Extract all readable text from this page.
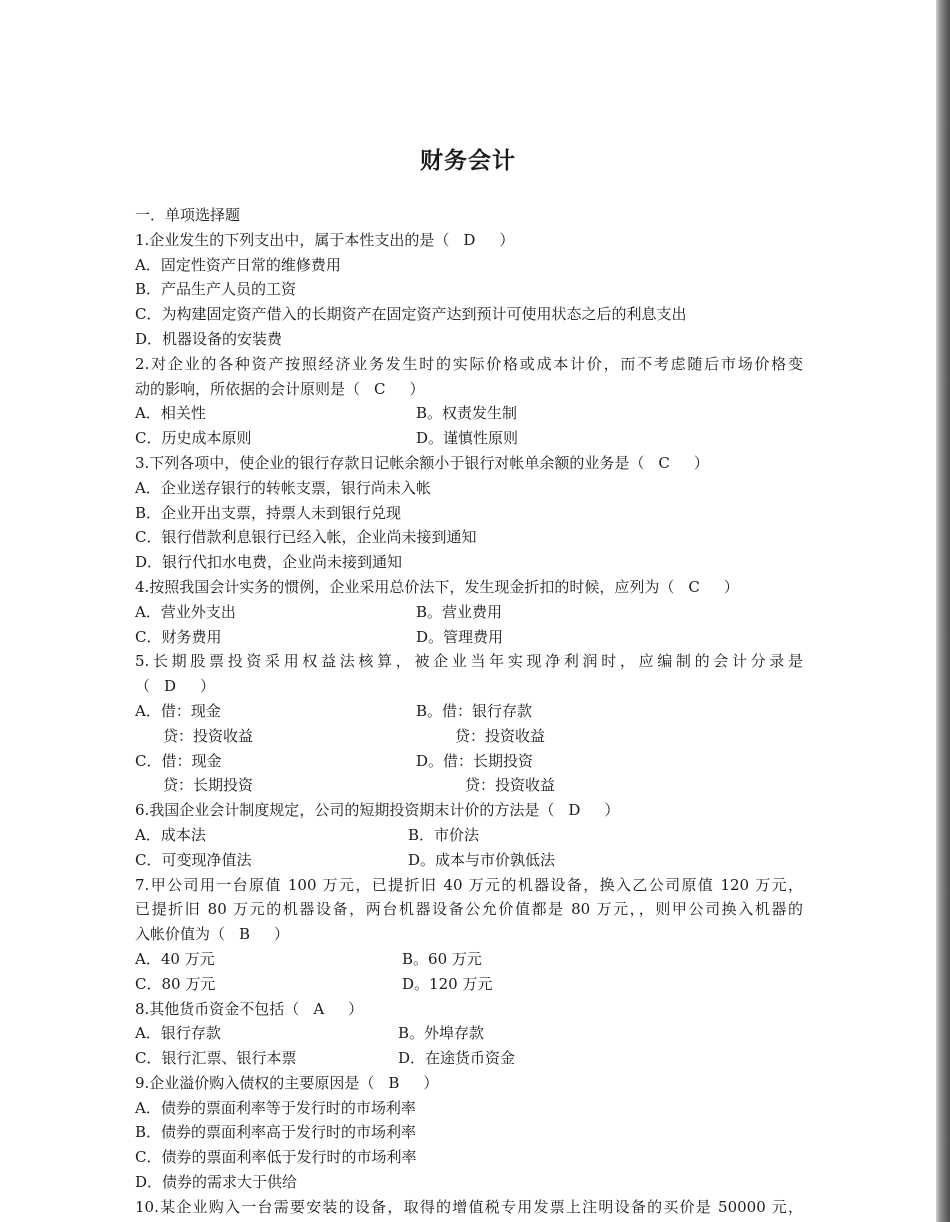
财务会计
一．单项选择题
1.企业发生的下列支出中，属于本性支出的是（ D ）
A．固定性资产日常的维修费用
B．产品生产人员的工资
C．为构建固定资产借入的长期资产在固定资产达到预计可使用状态之后的利息支出
D．机器设备的安装费
2.对企业的各种资产按照经济业务发生时的实际价格或成本计价，而不考虑随后市场价格变
动的影响，所依据的会计原则是（ C ）
A．相关性	B。权责发生制
C．历史成本原则	D。谨慎性原则
3.下列各项中，使企业的银行存款日记帐余额小于银行对帐单余额的业务是（ C ）
A．企业送存银行的转帐支票，银行尚未入帐
B．企业开出支票，持票人未到银行兑现
C．银行借款利息银行已经入帐，企业尚未接到通知
D．银行代扣水电费，企业尚未接到通知
4.按照我国会计实务的惯例，企业采用总价法下，发生现金折扣的时候，应列为（ C ）
A．营业外支出	B。营业费用
C．财务费用	D。管理费用
5.长期股票投资采用权益法核算，被企业当年实现净利润时，应编制的会计分录是
（ D ）
A．借：现金	B。借：银行存款
贷：投资收益	贷：投资收益
C．借：现金	D。借：长期投资
贷：长期投资	贷：投资收益
6.我国企业会计制度规定，公司的短期投资期末计价的方法是（ D ）
A．成本法	B．市价法
C．可变现净值法	D。成本与市价孰低法
7.甲公司用一台原值 100 万元，已提折旧 40 万元的机器设备，换入乙公司原值 120 万元，
已提折旧 80 万元的机器设备，两台机器设备公允价值都是 80 万元，，则甲公司换入机器的
入帐价值为（ B ）
A．40 万元	B。60 万元
C．80 万元	D。120 万元
8.其他货币资金不包括（ A ）
A．银行存款	B。外埠存款
C．银行汇票、银行本票	D．在途货币资金
9.企业溢价购入债权的主要原因是（ B ）
A．债券的票面利率等于发行时的市场利率
B．债券的票面利率高于发行时的市场利率
C．债券的票面利率低于发行时的市场利率
D．债券的需求大于供给
10.某企业购入一台需要安装的设备，取得的增值税专用发票上注明设备的买价是 50000 元，
